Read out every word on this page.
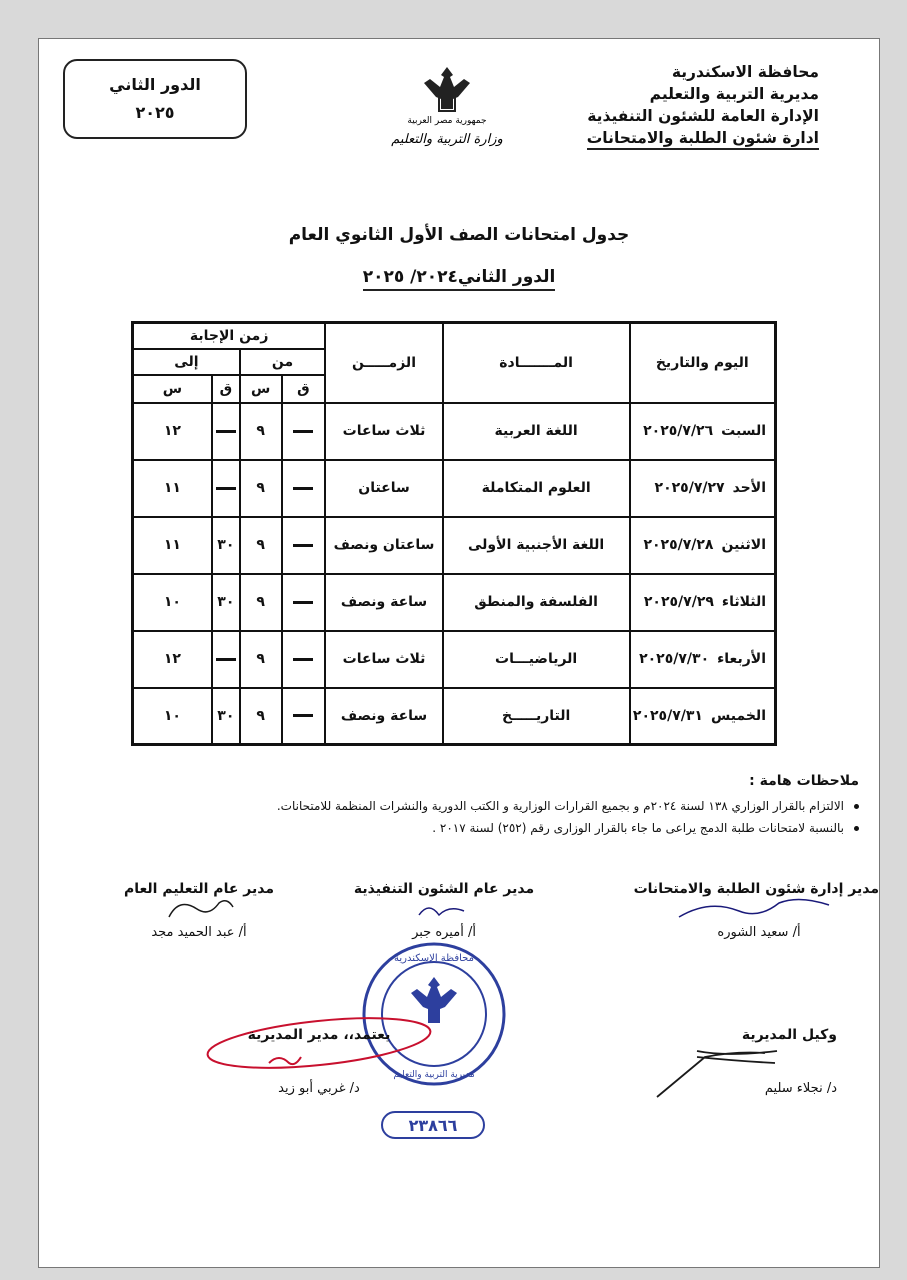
محافظة الاسكندرية
مديرية التربية والتعليم
الإدارة العامة للشئون التنفيذية
ادارة شئون الطلبة والامتحانات
جمهورية مصر العربية
وزارة التربية والتعليم
الدور الثاني
٢٠٢٥
جدول امتحانات الصف الأول الثانوي العام
الدور الثاني٢٠٢٤/ ٢٠٢٥
اليوم والتاريخ	المـــــــادة	الزمـــــن	زمن الإجابة			
			من		إلى	
			ق	س	ق	س
السبت٢٠٢٥/٧/٢٦	اللغة العربية	ثلاث ساعات		٩		١٢
الأحد٢٠٢٥/٧/٢٧	العلوم المتكاملة	ساعتان		٩		١١
الاثنين٢٠٢٥/٧/٢٨	اللغة الأجنبية الأولى	ساعتان ونصف		٩	٣٠	١١
الثلاثاء٢٠٢٥/٧/٢٩	الفلسفة والمنطق	ساعة ونصف		٩	٣٠	١٠
الأربعاء٢٠٢٥/٧/٣٠	الرياضيـــات	ثلاث ساعات		٩		١٢
الخميس٢٠٢٥/٧/٣١	التاريـــــخ	ساعة ونصف		٩	٣٠	١٠
ملاحظات هامة :
الالتزام بالقرار الوزاري ١٣٨ لسنة ٢٠٢٤م و بجميع القرارات الوزارية و الكتب الدورية والنشرات المنظمة للامتحانات.
بالنسبة لامتحانات طلبة الدمج يراعى ما جاء بالقرار الوزارى رقم (٢٥٢) لسنة ٢٠١٧ .
مدير إدارة شئون الطلبة والامتحانات
أ/ سعيد الشوره
مدير عام الشئون التنفيذية
أ/ أميره جبر
مدير عام التعليم العام
أ/ عبد الحميد مجد
محافظة الإسكندرية
مديرية التربية والتعليم
٢٣٨٦٦
وكيل المديرية
د/ نجلاء سليم
يعتمد،، مدير المديرية
د/ غربي أبو زيد
